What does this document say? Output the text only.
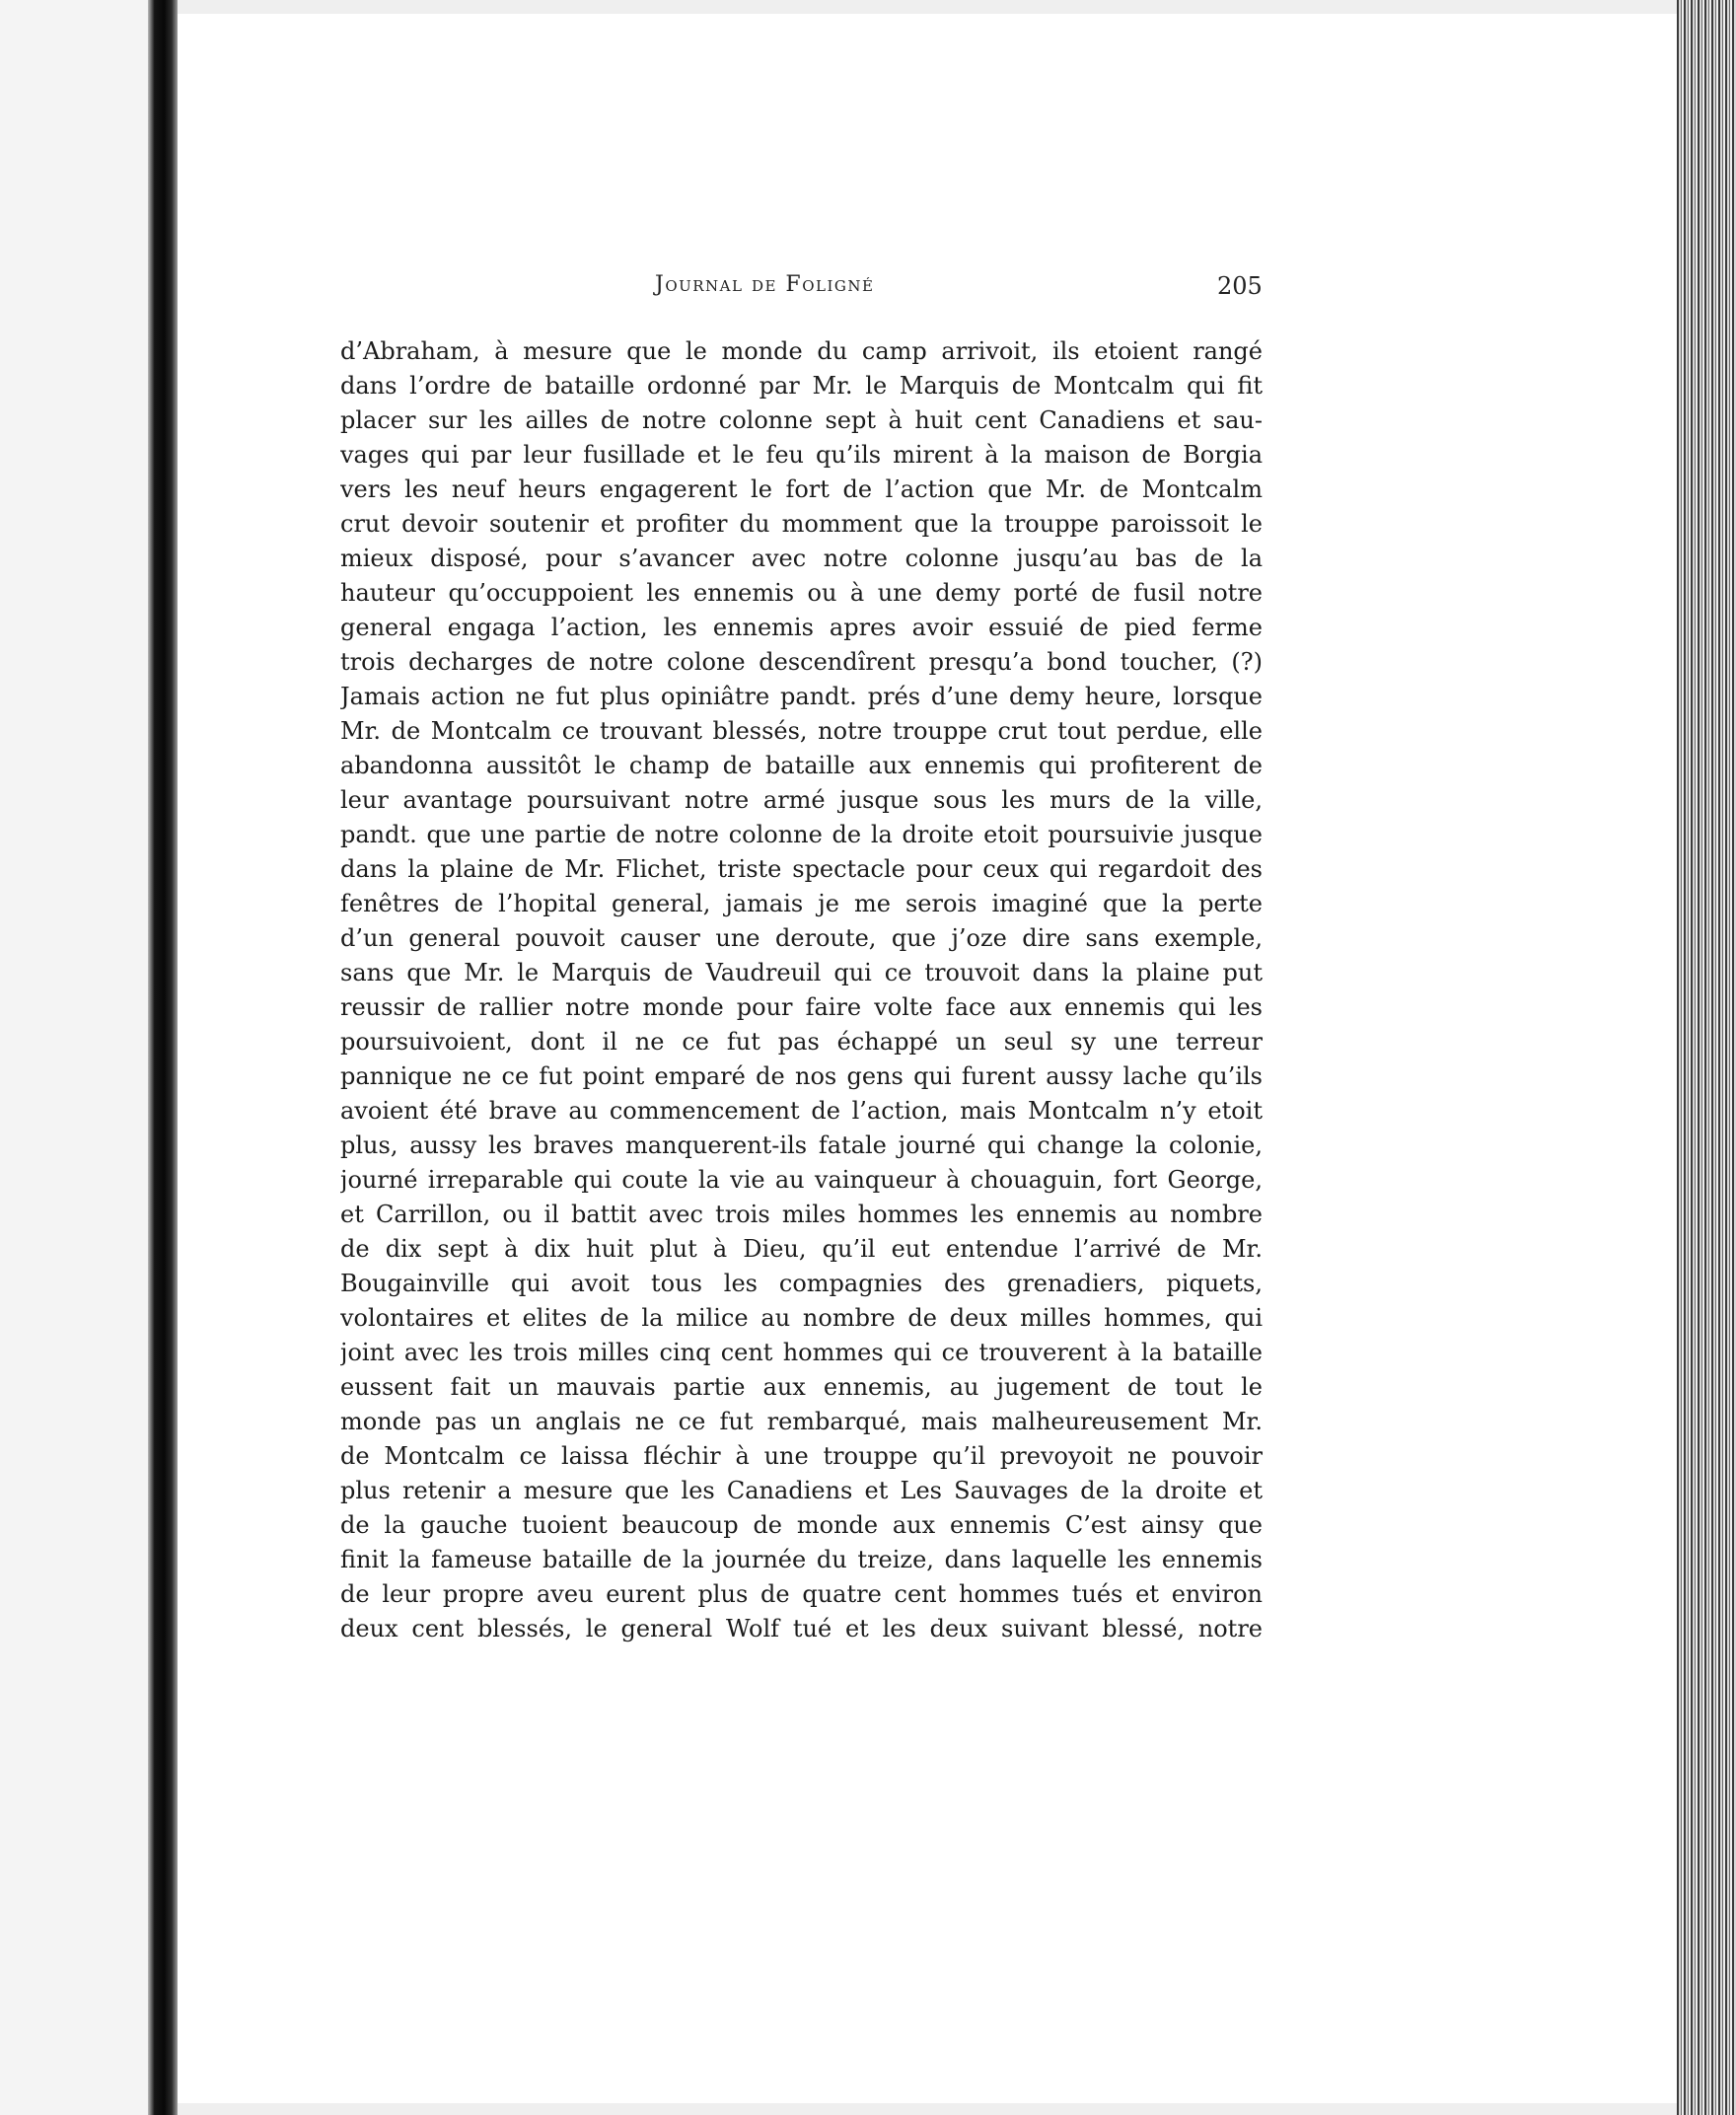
Journal de Foligné	205
d’Abraham, à mesure que le monde du camp arrivoit, ils etoient rangé
dans l’ordre de bataille ordonné par Mr. le Marquis de Montcalm qui fit
placer sur les ailles de notre colonne sept à huit cent Canadiens et sau-
vages qui par leur fusillade et le feu qu’ils mirent à la maison de Borgia
vers les neuf heurs engagerent le fort de l’action que Mr. de Montcalm
crut devoir soutenir et profiter du momment que la trouppe paroissoit le
mieux disposé, pour s’avancer avec notre colonne jusqu’au bas de la
hauteur qu’occuppoient les ennemis ou à une demy porté de fusil notre
general engaga l’action, les ennemis apres avoir essuié de pied ferme
trois decharges de notre colone descendîrent presqu’a bond toucher, (?)
Jamais action ne fut plus opiniâtre pandt. prés d’une demy heure, lorsque
Mr. de Montcalm ce trouvant blessés, notre trouppe crut tout perdue, elle
abandonna aussitôt le champ de bataille aux ennemis qui profiterent de
leur avantage poursuivant notre armé jusque sous les murs de la ville,
pandt. que une partie de notre colonne de la droite etoit poursuivie jusque
dans la plaine de Mr. Flichet, triste spectacle pour ceux qui regardoit des
fenêtres de l’hopital general, jamais je me serois imaginé que la perte
d’un general pouvoit causer une deroute, que j’oze dire sans exemple,
sans que Mr. le Marquis de Vaudreuil qui ce trouvoit dans la plaine put
reussir de rallier notre monde pour faire volte face aux ennemis qui les
poursuivoient, dont il ne ce fut pas échappé un seul sy une terreur
pannique ne ce fut point emparé de nos gens qui furent aussy lache qu’ils
avoient été brave au commencement de l’action, mais Montcalm n’y etoit
plus, aussy les braves manquerent-ils fatale journé qui change la colonie,
journé irreparable qui coute la vie au vainqueur à chouaguin, fort George,
et Carrillon, ou il battit avec trois miles hommes les ennemis au nombre
de dix sept à dix huit plut à Dieu, qu’il eut entendue l’arrivé de Mr.
Bougainville qui avoit tous les compagnies des grenadiers, piquets,
volontaires et elites de la milice au nombre de deux milles hommes, qui
joint avec les trois milles cinq cent hommes qui ce trouverent à la bataille
eussent fait un mauvais partie aux ennemis, au jugement de tout le
monde pas un anglais ne ce fut rembarqué, mais malheureusement Mr.
de Montcalm ce laissa fléchir à une trouppe qu’il prevoyoit ne pouvoir
plus retenir a mesure que les Canadiens et Les Sauvages de la droite et
de la gauche tuoient beaucoup de monde aux ennemis C’est ainsy que
finit la fameuse bataille de la journée du treize, dans laquelle les ennemis
de leur propre aveu eurent plus de quatre cent hommes tués et environ
deux cent blessés, le general Wolf tué et les deux suivant blessé, notre
